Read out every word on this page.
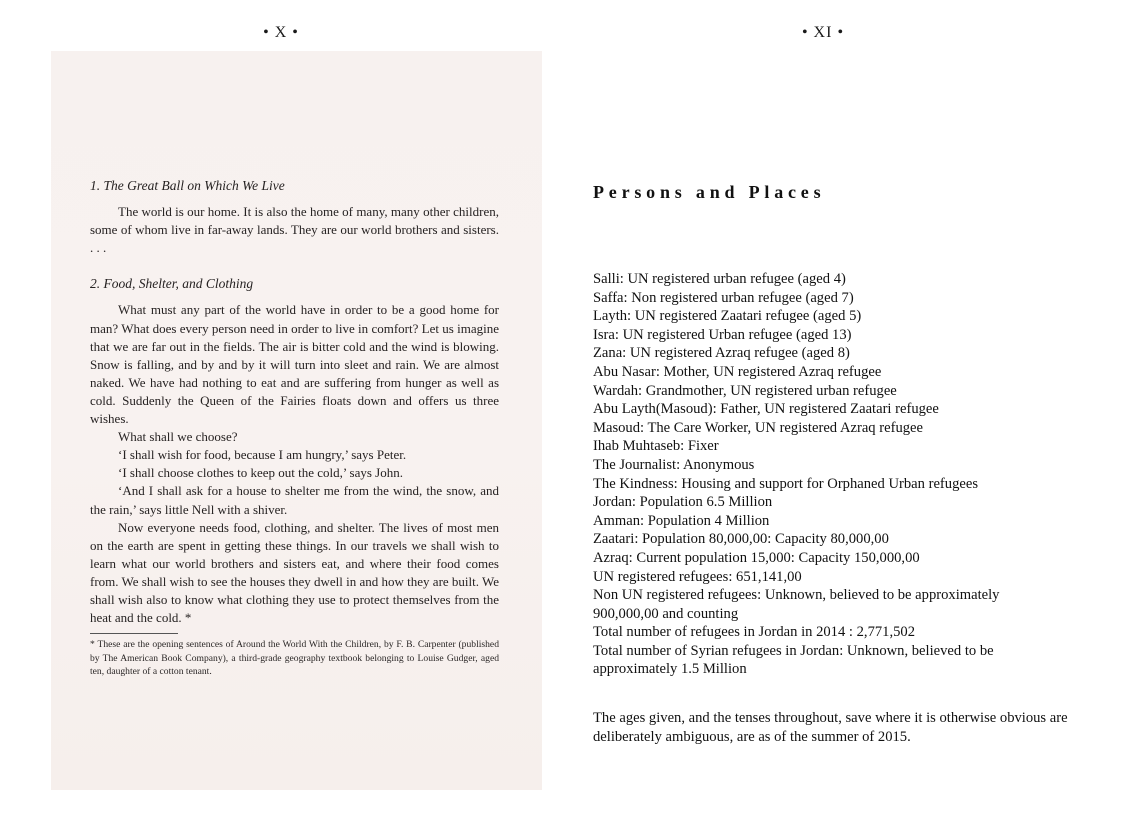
• X •	• XI •

1. The Great Ball on Which We Live

The world is our home. It is also the home of many, many other children, some of whom live in far-away lands. They are our world brothers and sisters. . . .

2. Food, Shelter, and Clothing

What must any part of the world have in order to be a good home for man? What does every person need in order to live in comfort? Let us imagine that we are far out in the fields. The air is bitter cold and the wind is blowing. Snow is falling, and by and by it will turn into sleet and rain. We are almost naked. We have had nothing to eat and are suffering from hunger as well as cold. Suddenly the Queen of the Fairies floats down and offers us three wishes.

What shall we choose?

‘I shall wish for food, because I am hungry,’ says Peter.

‘I shall choose clothes to keep out the cold,’ says John.

‘And I shall ask for a house to shelter me from the wind, the snow, and the rain,’ says little Nell with a shiver.

Now everyone needs food, clothing, and shelter. The lives of most men on the earth are spent in getting these things. In our travels we shall wish to learn what our world brothers and sisters eat, and where their food comes from. We shall wish to see the houses they dwell in and how they are built. We shall wish also to know what clothing they use to protect themselves from the heat and the cold. *

* These are the opening sentences of Around the World With the Children, by F. B. Carpenter (published by The American Book Company), a third-grade geography textbook belonging to Louise Gudger, aged ten, daughter of a cotton tenant.

Persons and Places

Salli: UN registered urban refugee (aged 4)

Saffa: Non registered urban refugee (aged 7)

Layth: UN registered Zaatari refugee (aged 5)

Isra: UN registered Urban refugee (aged 13)

Zana: UN registered Azraq refugee (aged 8)

Abu Nasar: Mother, UN registered Azraq refugee

Wardah: Grandmother, UN registered urban refugee

Abu Layth(Masoud): Father, UN registered Zaatari refugee

Masoud: The Care Worker, UN registered Azraq refugee

Ihab Muhtaseb: Fixer

The Journalist: Anonymous

The Kindness: Housing and support for Orphaned Urban refugees

Jordan: Population 6.5 Million

Amman: Population 4 Million

Zaatari: Population 80,000,00: Capacity 80,000,00

Azraq: Current population 15,000: Capacity 150,000,00

UN registered refugees: 651,141,00

Non UN registered refugees: Unknown, believed to be approximately 900,000,00 and counting

Total number of refugees in Jordan in 2014 : 2,771,502

Total number of Syrian refugees in Jordan: Unknown, believed to be approximately 1.5 Million

The ages given, and the tenses throughout, save where it is otherwise obvious are deliberately ambiguous, are as of the summer of 2015.
